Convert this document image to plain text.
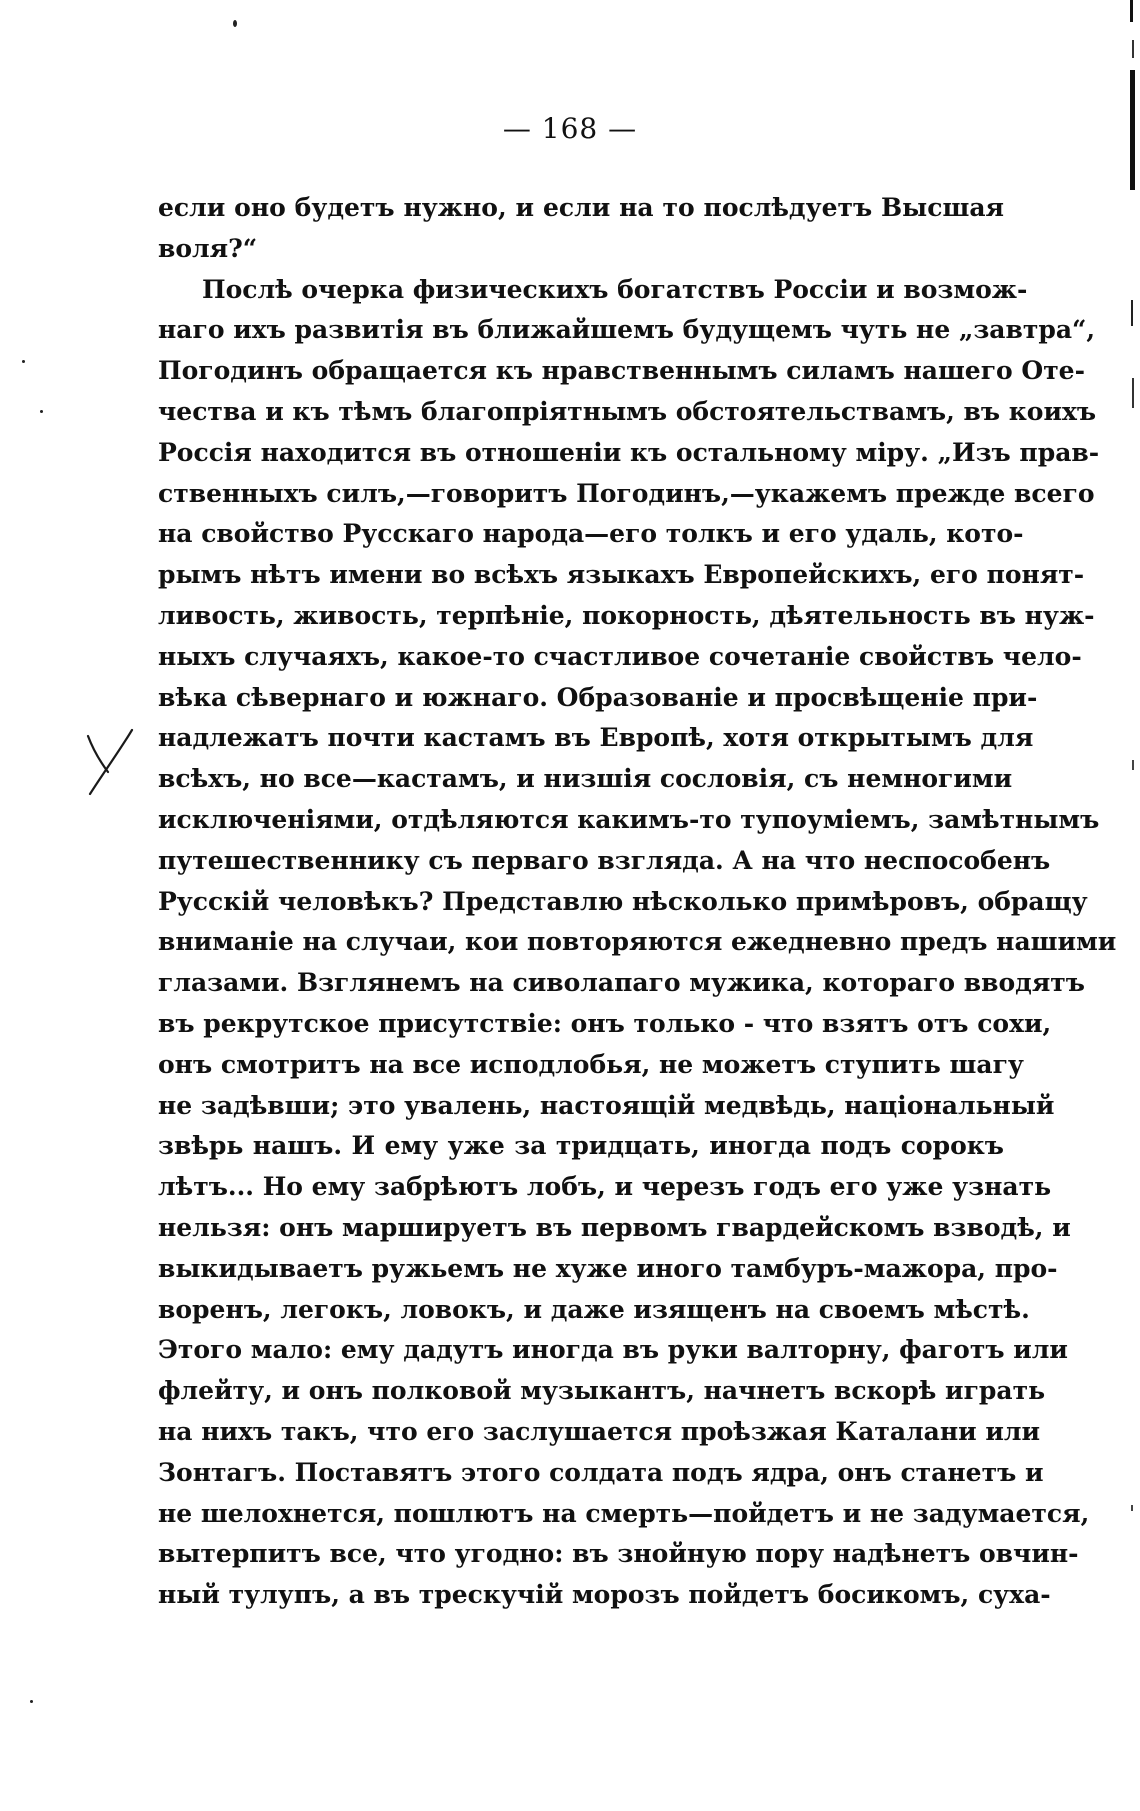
— 168 —
если оно будетъ нужно, и если на то послѣдуетъ Высшая
воля?“
Послѣ очерка физическихъ богатствъ Россіи и возмож-
наго ихъ развитія въ ближайшемъ будущемъ чуть не „завтра“,
Погодинъ обращается къ нравственнымъ силамъ нашего Оте-
чества и къ тѣмъ благопріятнымъ обстоятельствамъ, въ коихъ
Россія находится въ отношеніи къ остальному міру. „Изъ прав-
ственныхъ силъ,—говоритъ Погодинъ,—укажемъ прежде всего
на свойство Русскаго народа—его толкъ и его удаль, кото-
рымъ нѣтъ имени во всѣхъ языкахъ Европейскихъ, его понят-
ливость, живость, терпѣніе, покорность, дѣятельность въ нуж-
ныхъ случаяхъ, какое-то счастливое сочетаніе свойствъ чело-
вѣка сѣвернаго и южнаго. Образованіе и просвѣщеніе при-
надлежатъ почти кастамъ въ Европѣ, хотя открытымъ для
всѣхъ, но все—кастамъ, и низшія сословія, съ немногими
исключеніями, отдѣляются какимъ-то тупоуміемъ, замѣтнымъ
путешественнику съ перваго взгляда. А на что неспособенъ
Русскій человѣкъ? Представлю нѣсколько примѣровъ, обращу
вниманіе на случаи, кои повторяются ежедневно предъ нашими
глазами. Взглянемъ на сиволапаго мужика, котораго вводятъ
въ рекрутское присутствіе: онъ только - что взятъ отъ сохи,
онъ смотритъ на все исподлобья, не можетъ ступить шагу
не задѣвши; это увалень, настоящій медвѣдь, національный
звѣрь нашъ. И ему уже за тридцать, иногда подъ сорокъ
лѣтъ... Но ему забрѣютъ лобъ, и черезъ годъ его уже узнать
нельзя: онъ маршируетъ въ первомъ гвардейскомъ взводѣ, и
выкидываетъ ружьемъ не хуже иного тамбуръ-мажора, про-
воренъ, легокъ, ловокъ, и даже изященъ на своемъ мѣстѣ.
Этого мало: ему дадутъ иногда въ руки валторну, фаготъ или
флейту, и онъ полковой музыкантъ, начнетъ вскорѣ играть
на нихъ такъ, что его заслушается проѣзжая Каталани или
Зонтагъ. Поставятъ этого солдата подъ ядра, онъ станетъ и
не шелохнется, пошлютъ на смерть—пойдетъ и не задумается,
вытерпитъ все, что угодно: въ знойную пору надѣнетъ овчин-
ный тулупъ, а въ трескучій морозъ пойдетъ босикомъ, суха-
